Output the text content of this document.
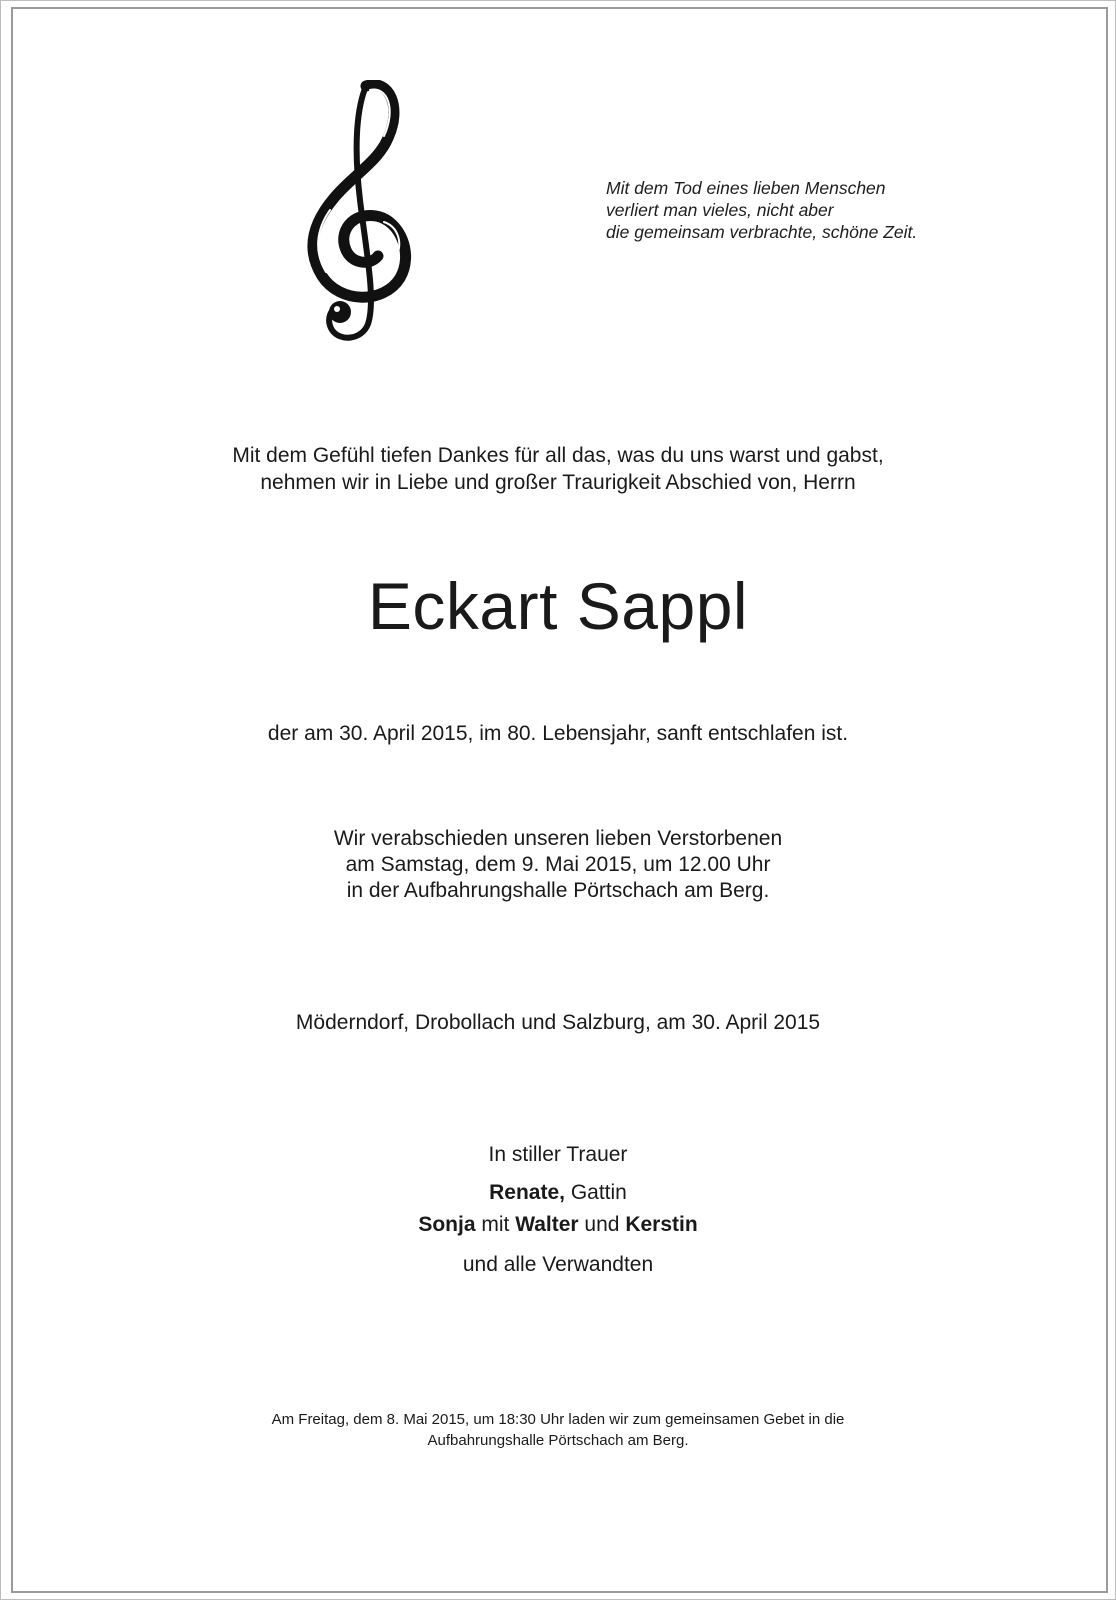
Mit dem Tod eines lieben Menschen
verliert man vieles, nicht aber
die gemeinsam verbrachte, schöne Zeit.
Mit dem Gefühl tiefen Dankes für all das, was du uns warst und gabst,
nehmen wir in Liebe und großer Traurigkeit Abschied von, Herrn
Eckart Sappl
der am 30. April 2015, im 80. Lebensjahr, sanft entschlafen ist.
Wir verabschieden unseren lieben Verstorbenen
am Samstag, dem 9. Mai 2015, um 12.00 Uhr
in der Aufbahrungshalle Pörtschach am Berg.
Möderndorf, Drobollach und Salzburg, am 30. April 2015
In stiller Trauer
Renate, Gattin
Sonja mit Walter und Kerstin
und alle Verwandten
Am Freitag, dem 8. Mai 2015, um 18:30 Uhr laden wir zum gemeinsamen Gebet in die
Aufbahrungshalle Pörtschach am Berg.
